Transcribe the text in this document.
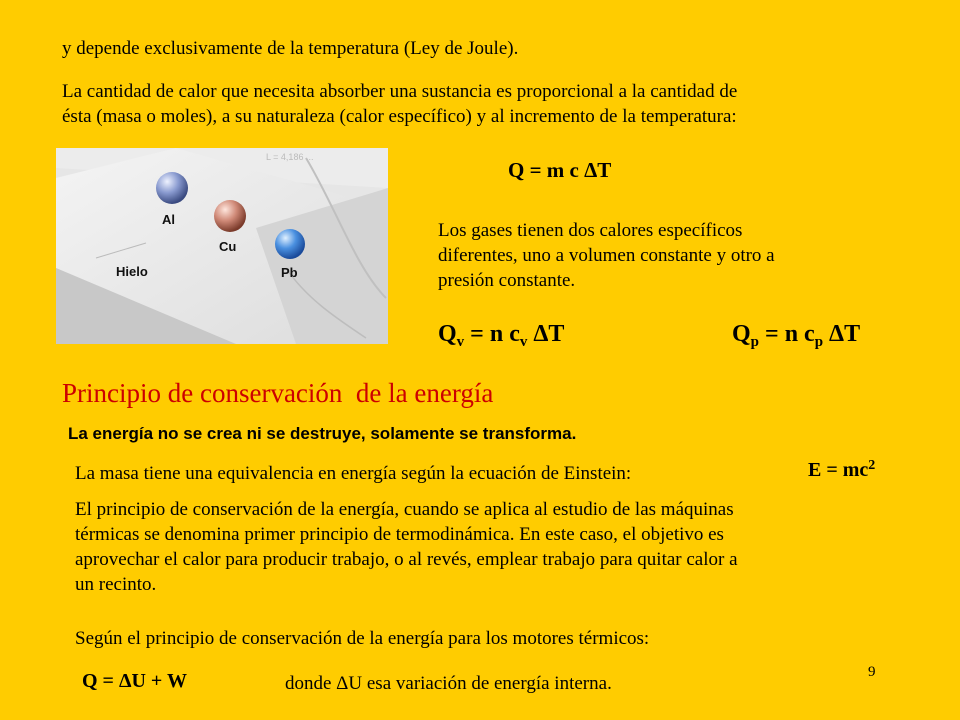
y depende exclusivamente de la temperatura (Ley de Joule).

La cantidad de calor que necesita absorber una sustancia es proporcional a la cantidad de
ésta (masa o moles), a su naturaleza (calor específico) y al incremento de la temperatura:
L = 4,186 ...
Al
Cu
Pb
Hielo
Q = m c ΔT
Los gases tienen dos calores específicos
diferentes, uno a volumen constante y otro a
presión constante.
$Q_v = n$ $c_v$ ΔT	$Q_p = n$ $c_p$ ΔT
Principio de conservación  de la energía

La energía no se crea ni se destruye, solamente se transforma.

La masa tiene una equivalencia en energía según la ecuación de Einstein:	$E = mc^2$
El principio de conservación de la energía, cuando se aplica al estudio de las máquinas
térmicas se denomina primer principio de termodinámica. En este caso, el objetivo es
aprovechar el calor para producir trabajo, o al revés, emplear trabajo para quitar calor a
un recinto.

Según el principio de conservación de la energía para los motores térmicos:

Q = ΔU + W	donde ΔU esa variación de energía interna.
9
